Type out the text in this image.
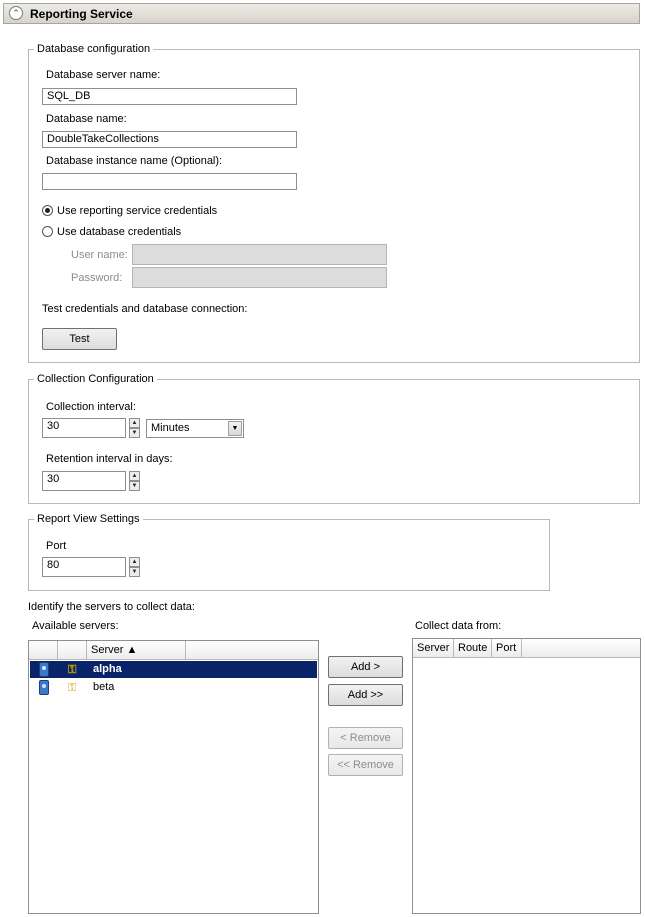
⌃ Reporting Service
Database configuration
Database server name:
SQL_DB
Database name:
DoubleTakeCollections
Database instance name (Optional):
Use reporting service credentials
Use database credentials
User name:
Password:
Test credentials and database connection:
Test
Collection Configuration
Collection interval:
30	▲
▼	Minutes	▼
Retention interval in days:
30	▲
▼
Report View Settings
Port
80	▲
▼
Identify the servers to collect data:
Available servers:	Collect data from:
Server ▲
⚿ alpha
⚿ beta
Add >
Add >>
< Remove
<< Remove
Server Route Port
